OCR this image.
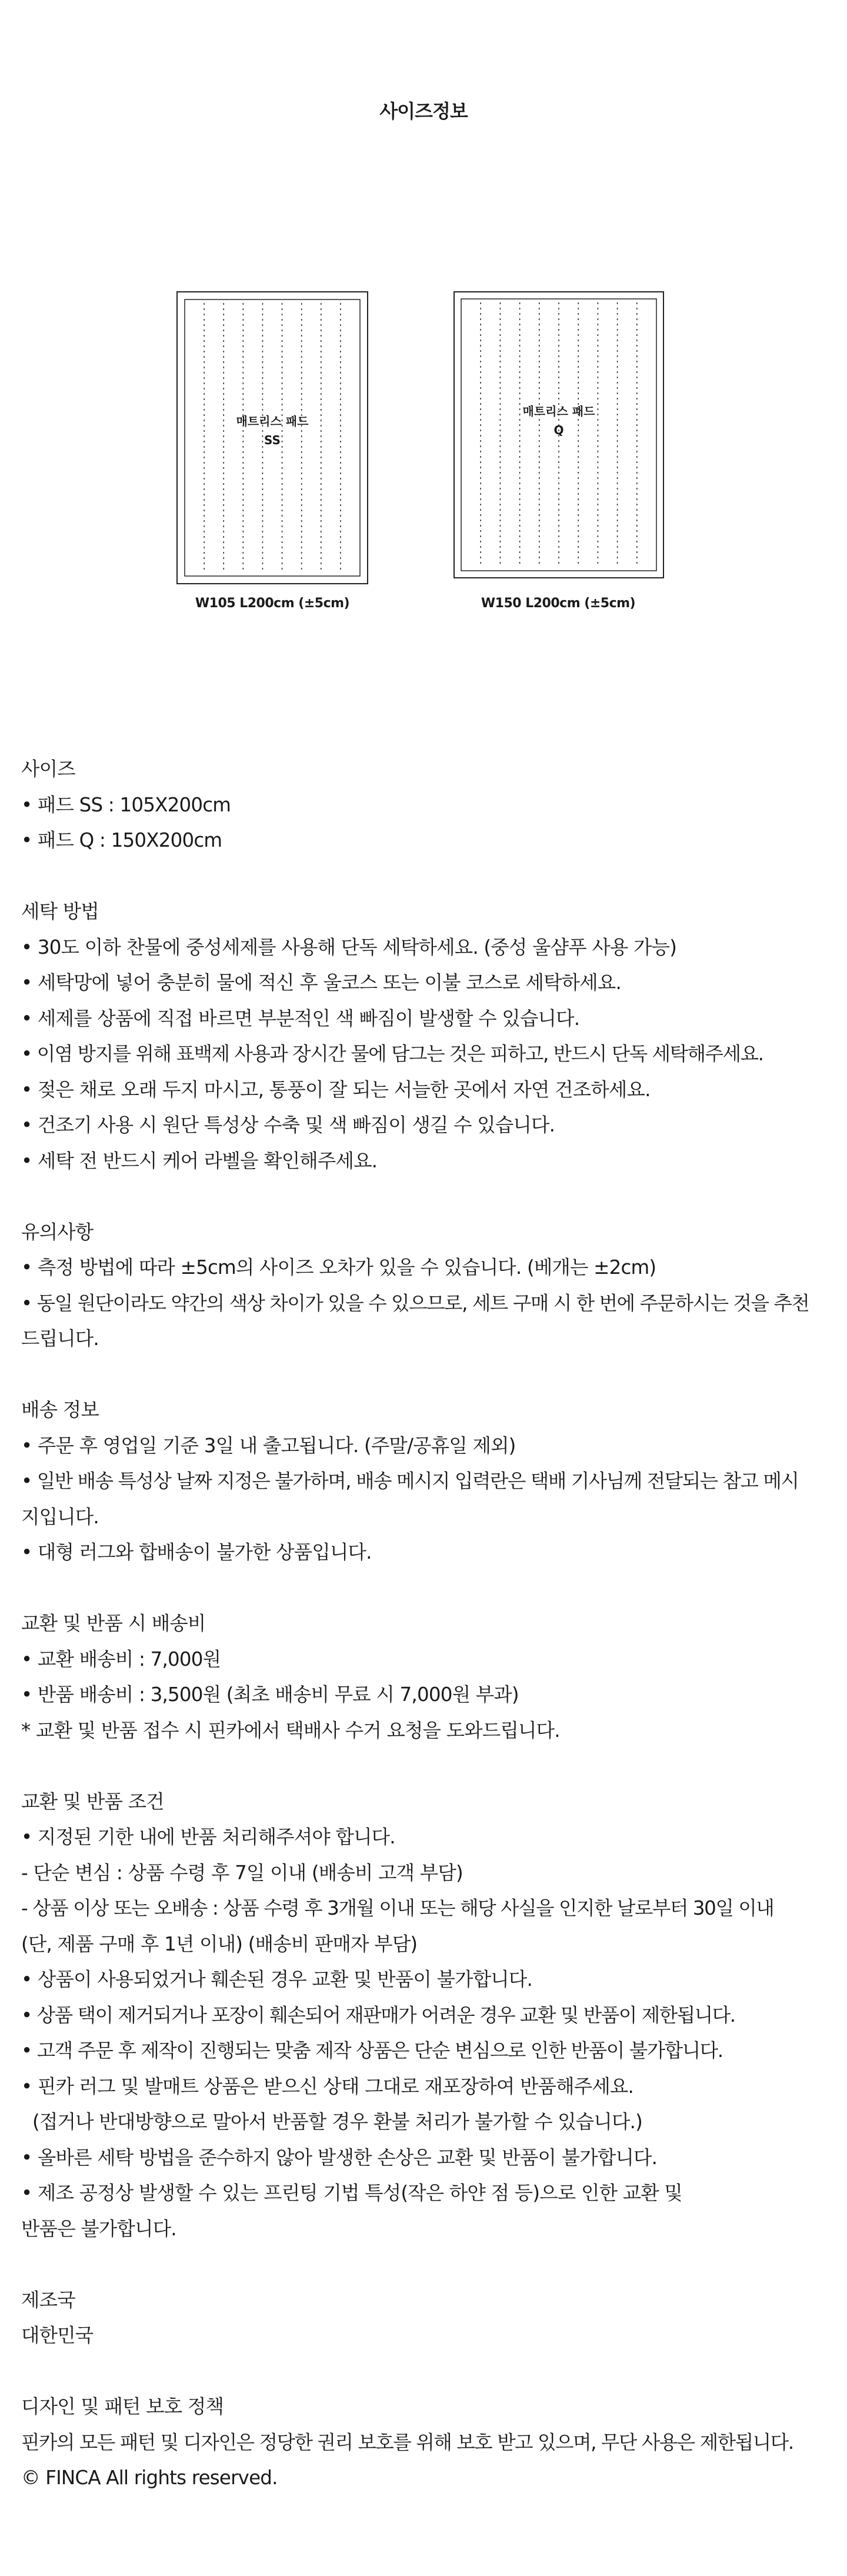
사이즈정보
매트리스 패드
SS
W105 L200cm (±5cm)
매트리스 패드
Q
W150 L200cm (±5cm)
사이즈
• 패드 SS : 105X200cm
• 패드 Q : 150X200cm
세탁 방법
• 30도 이하 찬물에 중성세제를 사용해 단독 세탁하세요. (중성 울샴푸 사용 가능)
• 세탁망에 넣어 충분히 물에 적신 후 울코스 또는 이불 코스로 세탁하세요.
• 세제를 상품에 직접 바르면 부분적인 색 빠짐이 발생할 수 있습니다.
• 이염 방지를 위해 표백제 사용과 장시간 물에 담그는 것은 피하고, 반드시 단독 세탁해주세요.
• 젖은 채로 오래 두지 마시고, 통풍이 잘 되는 서늘한 곳에서 자연 건조하세요.
• 건조기 사용 시 원단 특성상 수축 및 색 빠짐이 생길 수 있습니다.
• 세탁 전 반드시 케어 라벨을 확인해주세요.
유의사항
• 측정 방법에 따라 ±5cm의 사이즈 오차가 있을 수 있습니다. (베개는 ±2cm)
• 동일 원단이라도 약간의 색상 차이가 있을 수 있으므로, 세트 구매 시 한 번에 주문하시는 것을 추천
드립니다.
배송 정보
• 주문 후 영업일 기준 3일 내 출고됩니다. (주말/공휴일 제외)
• 일반 배송 특성상 날짜 지정은 불가하며, 배송 메시지 입력란은 택배 기사님께 전달되는 참고 메시
지입니다.
• 대형 러그와 합배송이 불가한 상품입니다.
교환 및 반품 시 배송비
• 교환 배송비 : 7,000원
• 반품 배송비 : 3,500원 (최초 배송비 무료 시 7,000원 부과)
* 교환 및 반품 접수 시 핀카에서 택배사 수거 요청을 도와드립니다.
교환 및 반품 조건
• 지정된 기한 내에 반품 처리해주셔야 합니다.
- 단순 변심 : 상품 수령 후 7일 이내 (배송비 고객 부담)
- 상품 이상 또는 오배송 : 상품 수령 후 3개월 이내 또는 해당 사실을 인지한 날로부터 30일 이내
(단, 제품 구매 후 1년 이내) (배송비 판매자 부담)
• 상품이 사용되었거나 훼손된 경우 교환 및 반품이 불가합니다.
• 상품 택이 제거되거나 포장이 훼손되어 재판매가 어려운 경우 교환 및 반품이 제한됩니다.
• 고객 주문 후 제작이 진행되는 맞춤 제작 상품은 단순 변심으로 인한 반품이 불가합니다.
• 핀카 러그 및 발매트 상품은 받으신 상태 그대로 재포장하여 반품해주세요.
(접거나 반대방향으로 말아서 반품할 경우 환불 처리가 불가할 수 있습니다.)
• 올바른 세탁 방법을 준수하지 않아 발생한 손상은 교환 및 반품이 불가합니다.
• 제조 공정상 발생할 수 있는 프린팅 기법 특성(작은 하얀 점 등)으로 인한 교환 및
반품은 불가합니다.
제조국
대한민국
디자인 및 패턴 보호 정책
핀카의 모든 패턴 및 디자인은 정당한 권리 보호를 위해 보호 받고 있으며, 무단 사용은 제한됩니다.
© FINCA All rights reserved.
